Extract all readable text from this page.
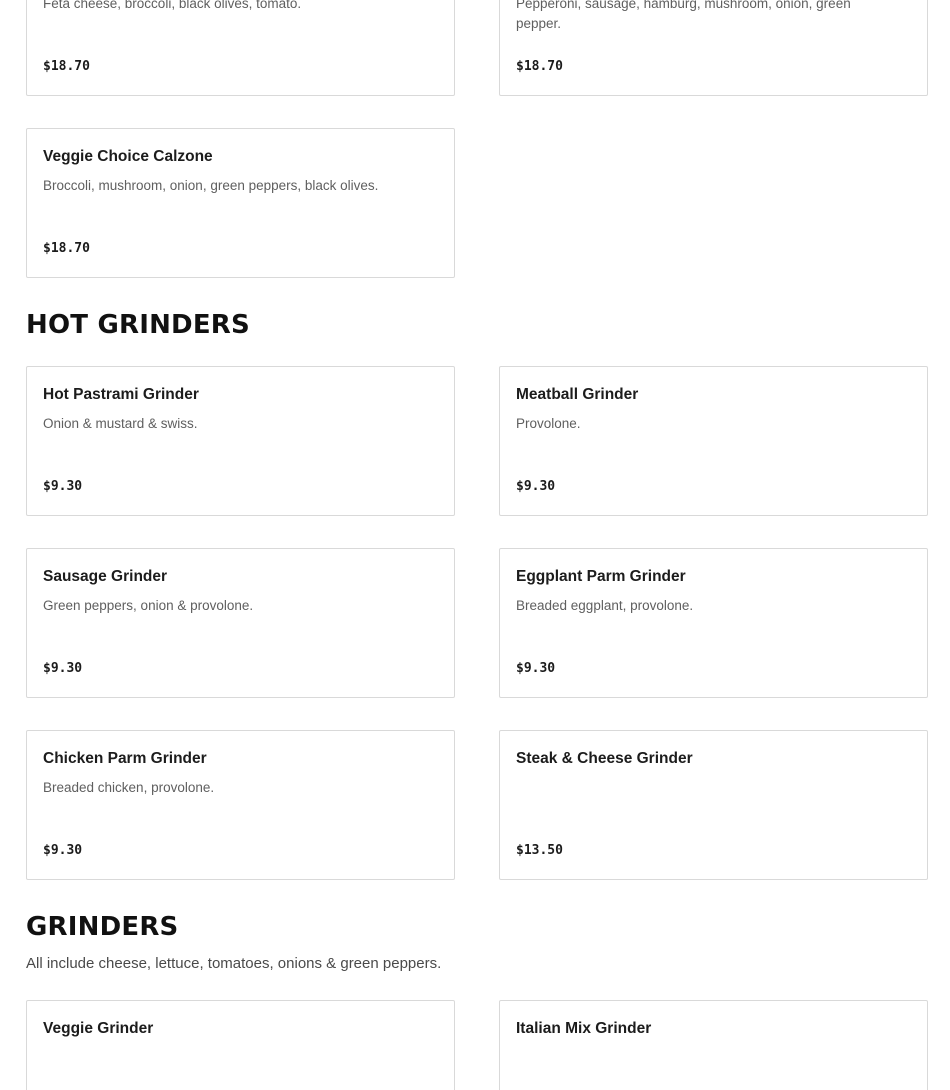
Feta cheese, broccoli, black olives, tomato.
$18.70
Pepperoni, sausage, hamburg, mushroom, onion, green pepper.
$18.70
Veggie Choice Calzone
Broccoli, mushroom, onion, green peppers, black olives.
$18.70
HOT GRINDERS
Hot Pastrami Grinder
Onion & mustard & swiss.
$9.30
Meatball Grinder
Provolone.
$9.30
Sausage Grinder
Green peppers, onion & provolone.
$9.30
Eggplant Parm Grinder
Breaded eggplant, provolone.
$9.30
Chicken Parm Grinder
Breaded chicken, provolone.
$9.30
Steak & Cheese Grinder
$13.50
GRINDERS

All include cheese, lettuce, tomatoes, onions & green peppers.

Veggie Grinder	Italian Mix Grinder
